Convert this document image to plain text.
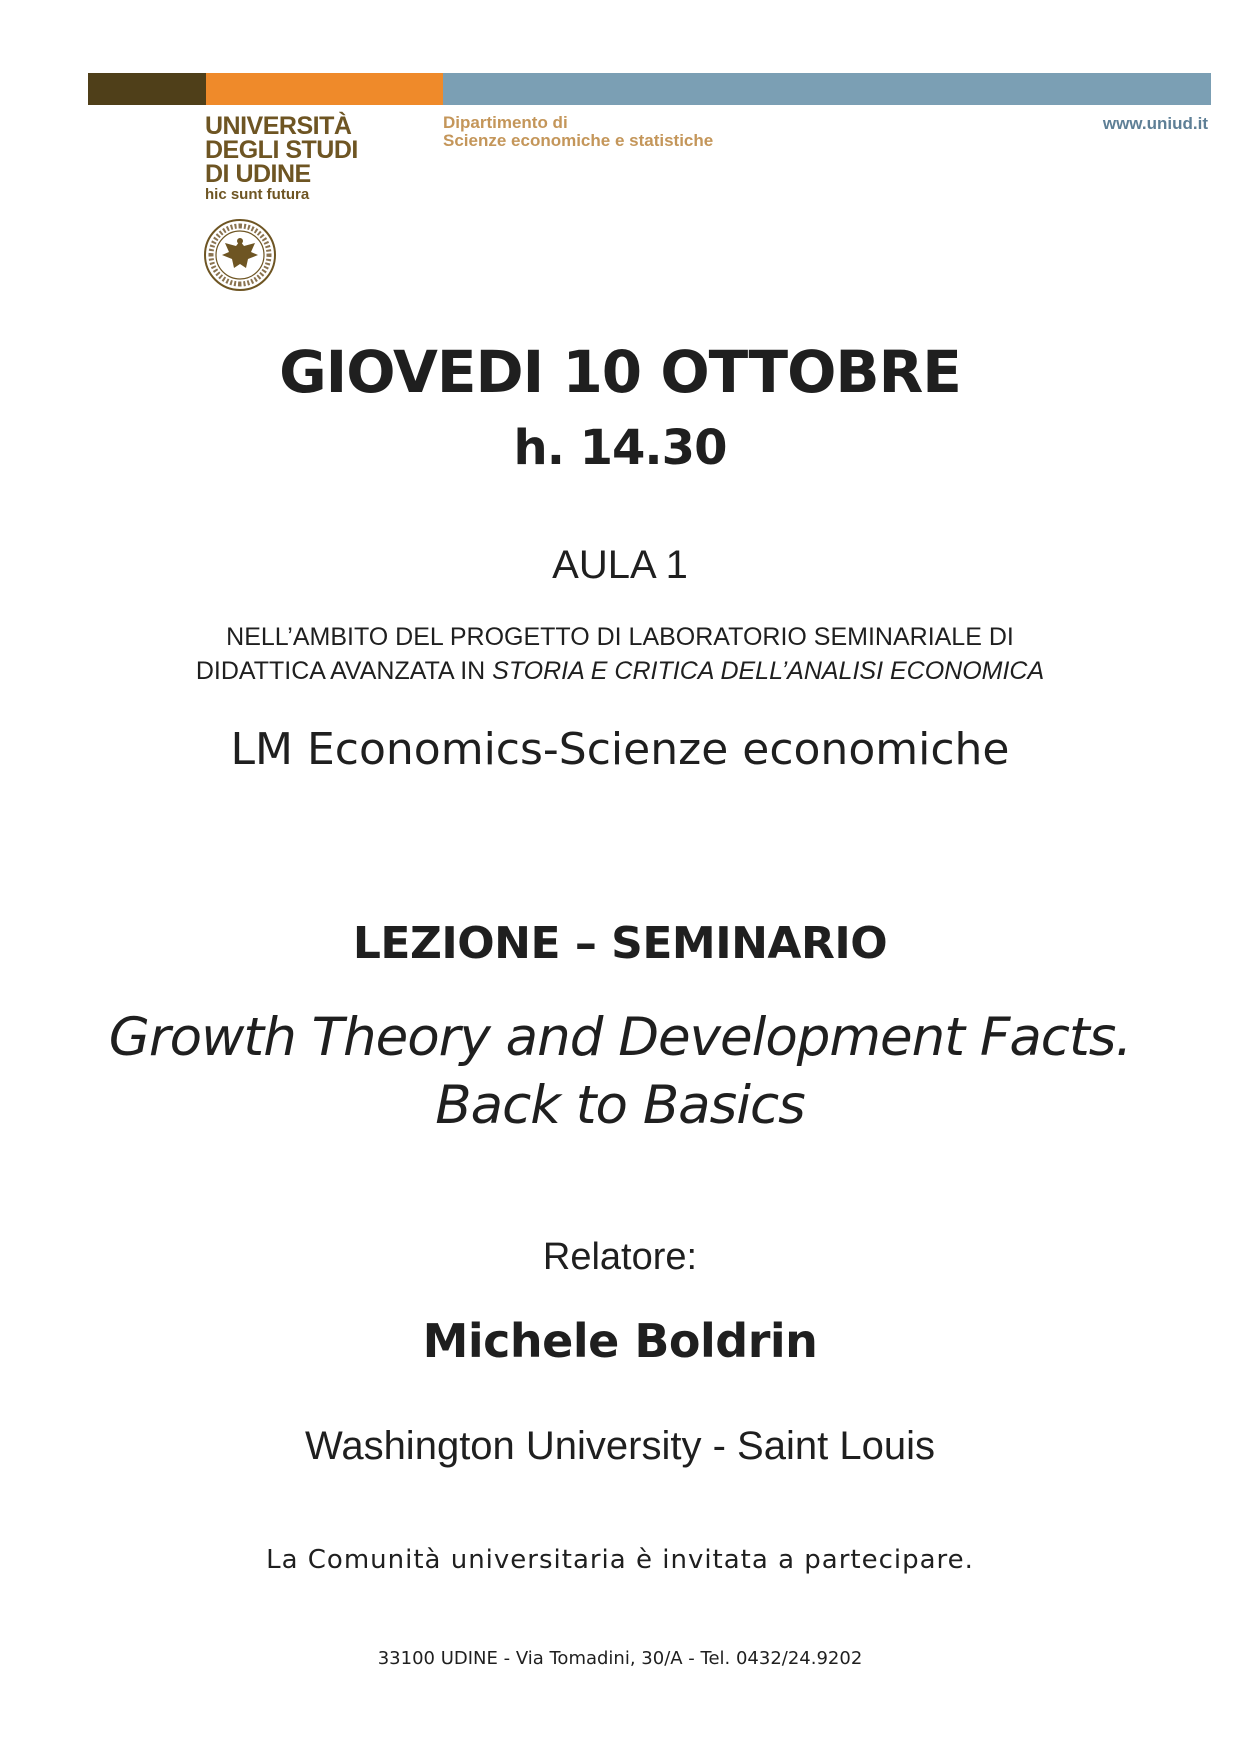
UNIVERSITÀ
DEGLI STUDI
DI UDINE
hic sunt futura
Dipartimento di
Scienze economiche e statistiche
www.uniud.it
GIOVEDI 10 OTTOBRE
h. 14.30
AULA 1
NELL’AMBITO DEL PROGETTO DI LABORATORIO SEMINARIALE DI
DIDATTICA AVANZATA IN STORIA E CRITICA DELL’ANALISI ECONOMICA
LM Economics-Scienze economiche
LEZIONE – SEMINARIO
Growth Theory and Development Facts.
Back to Basics
Relatore:
Michele Boldrin
Washington University - Saint Louis
La Comunità universitaria è invitata a partecipare.
33100 UDINE - Via Tomadini, 30/A - Tel. 0432/24.9202
